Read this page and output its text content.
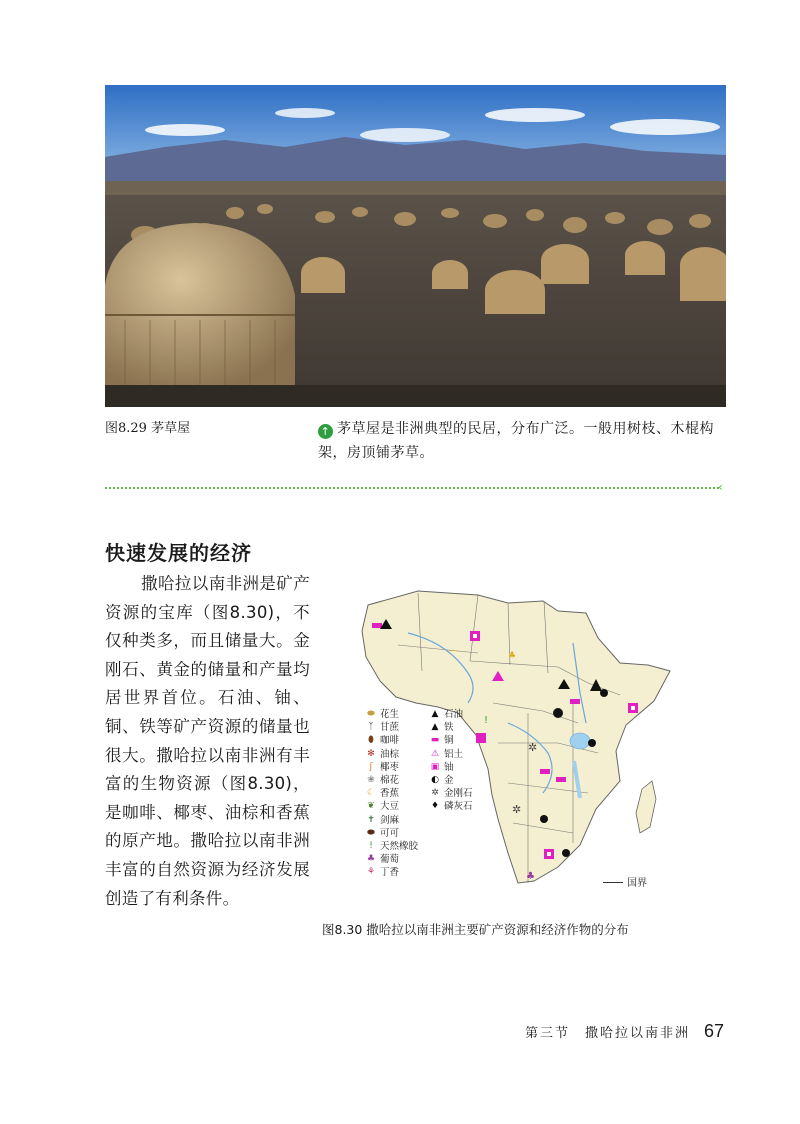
图8.29 茅草屋	↑ 茅草屋是非洲典型的民居，分布广泛。一般用树枝、木棍构架，房顶铺茅草。
‹
快速发展的经济
撒哈拉以南非洲是矿产资源的宝库（图8.30)，不仅种类多，而且储量大。金刚石、黄金的储量和产量均居世界首位。石油、铀、铜、铁等矿产资源的储量也很大。撒哈拉以南非洲有丰富的生物资源（图8.30)，是咖啡、椰枣、油棕和香蕉的原产地。撒哈拉以南非洲丰富的自然资源为经济发展创造了有利条件。
♣
⌒
!
✲
♣
✲
⬬ 花生
ᛉ 甘蔗
⬮ 咖啡
✻ 油棕
ʃ 椰枣
❀ 棉花
☾ 香蕉
❦ 大豆
✝ 剑麻
⬬ 可可
! 天然橡胶
♣ 葡萄
⚘ 丁香
▲ 石油
▲ 铁
▬ 铜
⚠ 铝土
▣ 铀
◐ 金
✲ 金刚石
♦ 磷灰石
国界
图8.30 撒哈拉以南非洲主要矿产资源和经济作物的分布
第三节　撒哈拉以南非洲 67
